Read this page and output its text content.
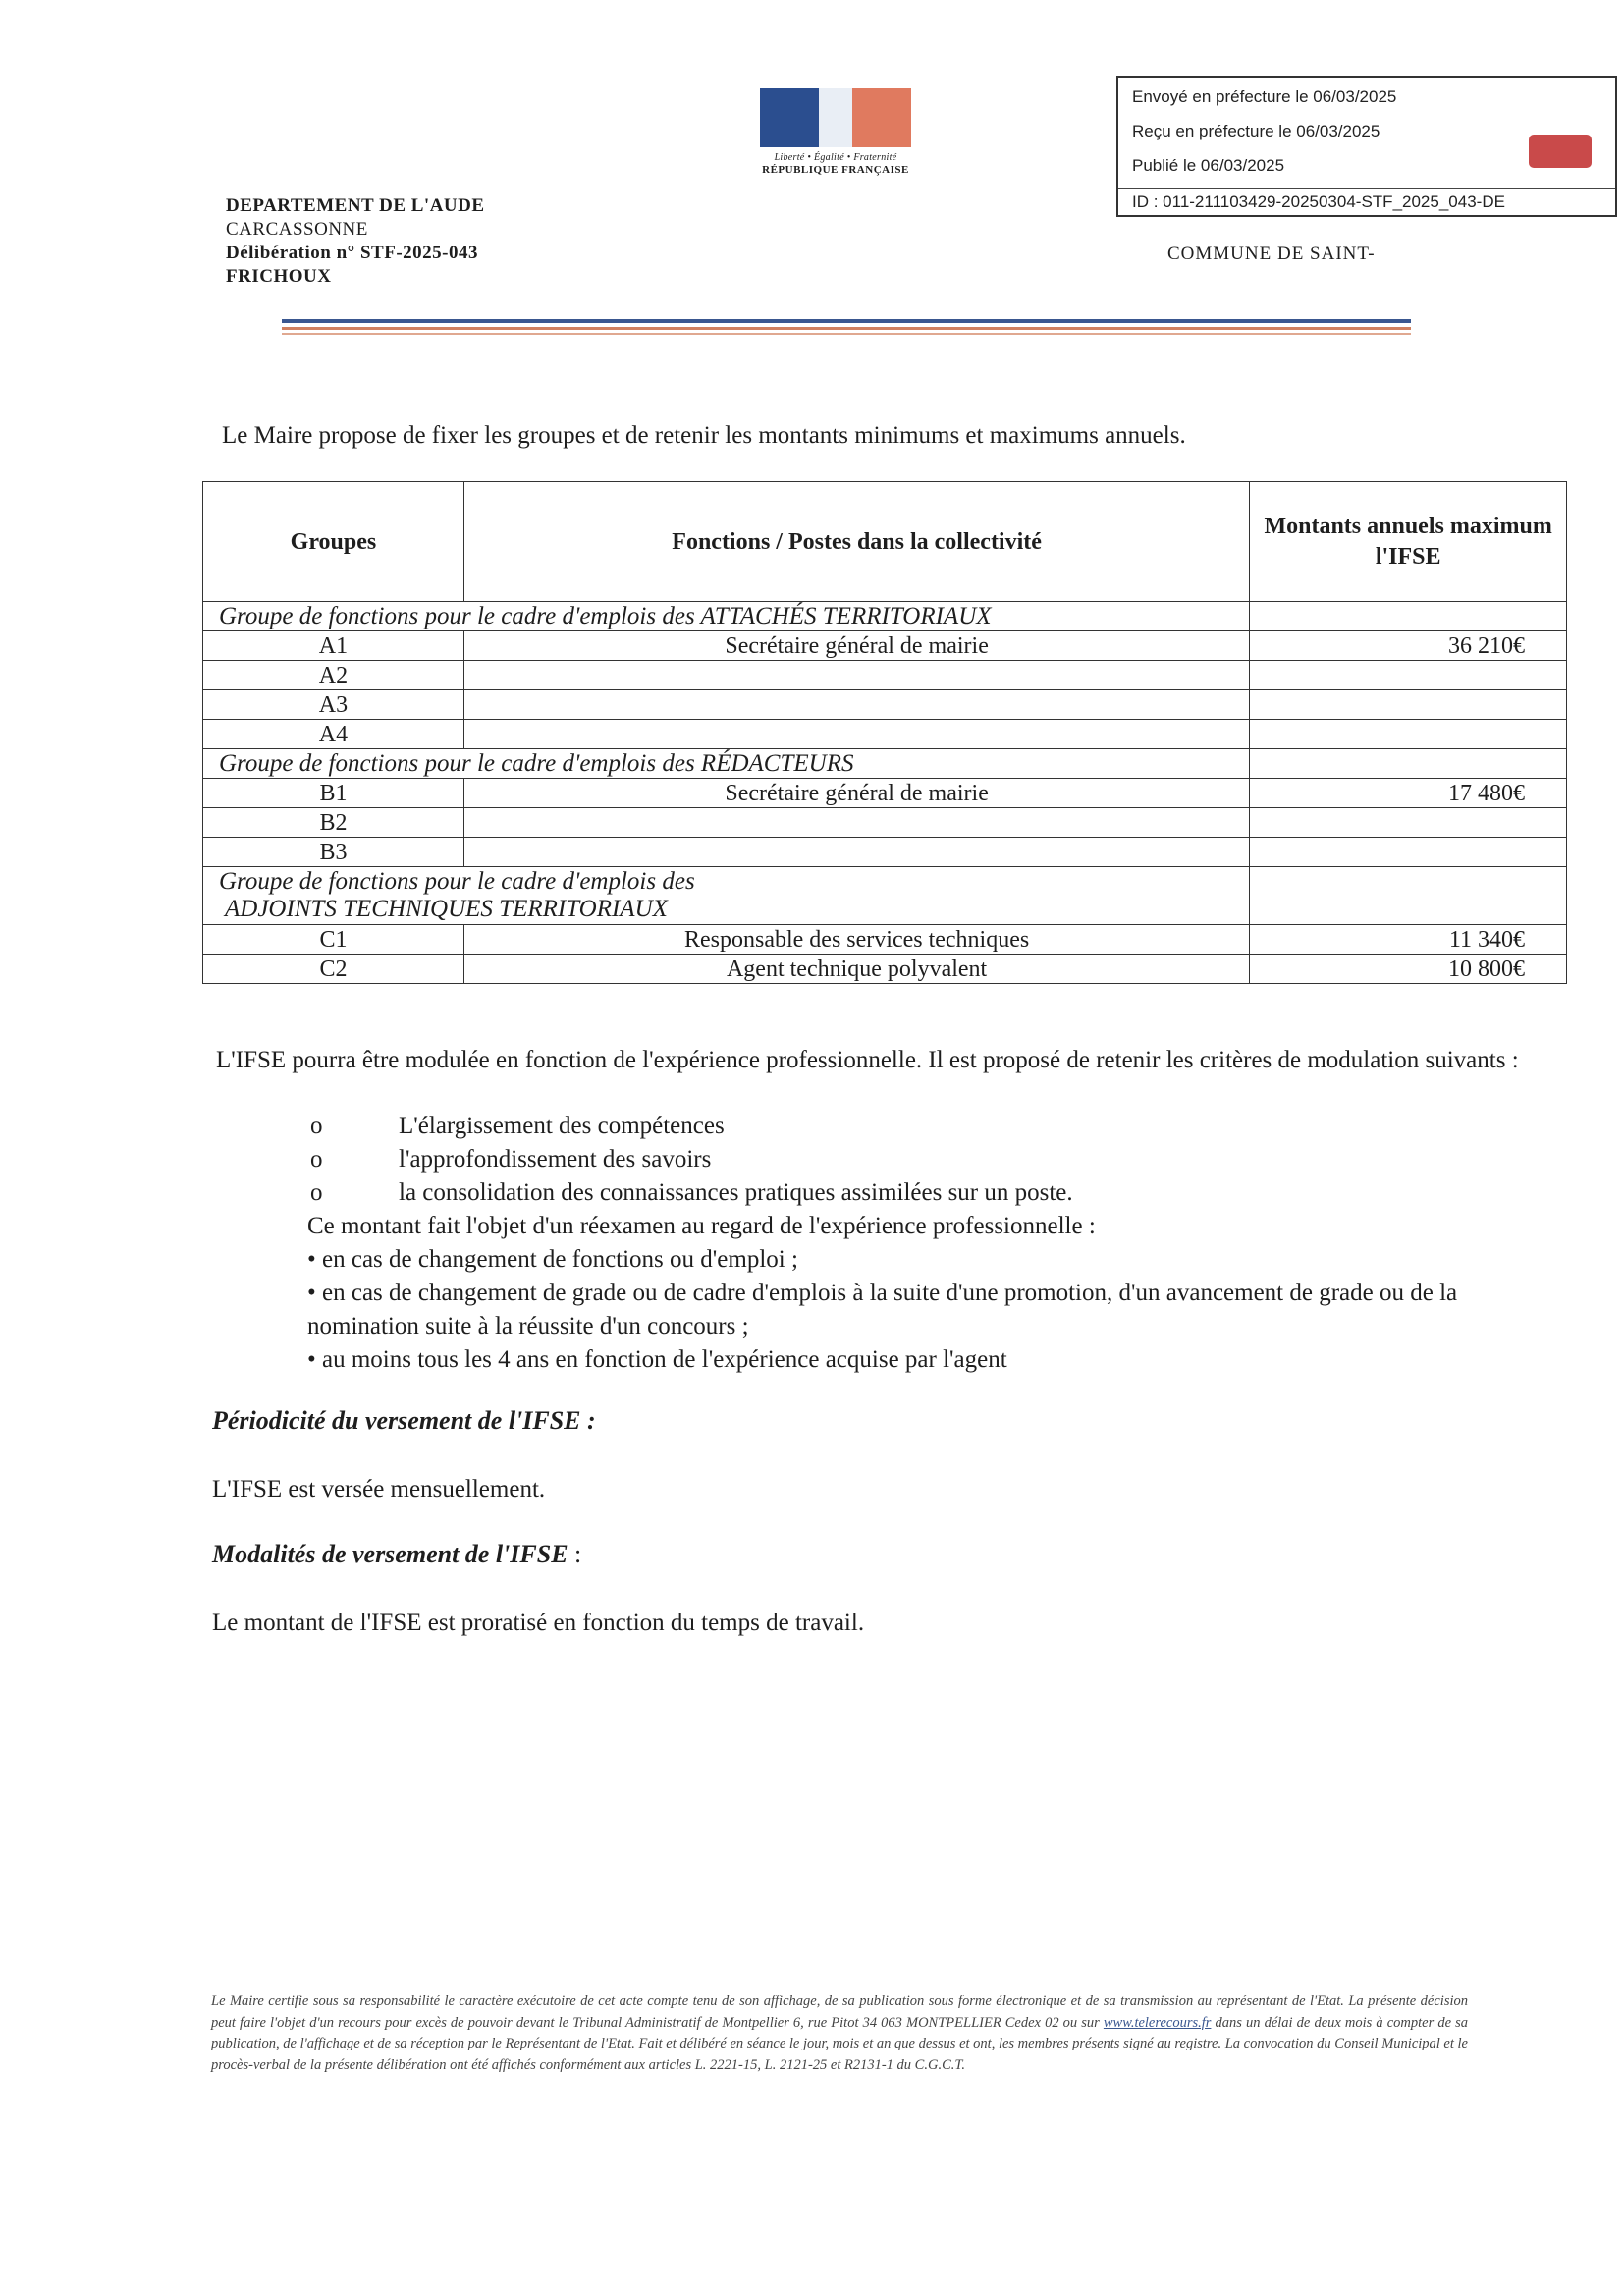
Liberté • Égalité • Fraternité
RÉPUBLIQUE FRANÇAISE
Envoyé en préfecture le 06/03/2025
Reçu en préfecture le 06/03/2025
Publié le 06/03/2025
ID : 011-211103429-20250304-STF_2025_043-DE
DEPARTEMENT DE L'AUDE
CARCASSONNE
Délibération n° STF-2025-043
FRICHOUX
COMMUNE DE SAINT-
Le Maire propose de fixer les groupes et de retenir les montants minimums et maximums annuels.
Groupes	Fonctions / Postes dans la collectivité	Montants annuels maximum l'IFSE
Groupe de fonctions pour le cadre d'emplois des ATTACHÉS TERRITORIAUX		
A1	Secrétaire général de mairie	36 210€
A2		
A3		
A4		
Groupe de fonctions pour le cadre d'emplois des RÉDACTEURS		
B1	Secrétaire général de mairie	17 480€
B2		
B3		

Groupe de fonctions pour le cadre d'emplois des
ADJOINTS TECHNIQUES TERRITORIAUX		

C1	Responsable des services techniques	11 340€
C2	Agent technique polyvalent	10 800€
L'IFSE pourra être modulée en fonction de l'expérience professionnelle. Il est proposé de retenir les critères de modulation suivants :
o	L'élargissement des compétences
o	l'approfondissement des savoirs
o	la consolidation des connaissances pratiques assimilées sur un poste.
Ce montant fait l'objet d'un réexamen au regard de l'expérience professionnelle :
• en cas de changement de fonctions ou d'emploi ;
• en cas de changement de grade ou de cadre d'emplois à la suite d'une promotion, d'un avancement de grade ou de la nomination suite à la réussite d'un concours ;
• au moins tous les 4 ans en fonction de l'expérience acquise par l'agent
Périodicité du versement de l'IFSE :
L'IFSE est versée mensuellement.
Modalités de versement de l'IFSE :
Le montant de l'IFSE est proratisé en fonction du temps de travail.
Le Maire certifie sous sa responsabilité le caractère exécutoire de cet acte compte tenu de son affichage, de sa publication sous forme électronique et de sa transmission au représentant de l'Etat. La présente décision peut faire l'objet d'un recours pour excès de pouvoir devant le Tribunal Administratif de Montpellier 6, rue Pitot 34 063 MONTPELLIER Cedex 02 ou sur www.telerecours.fr dans un délai de deux mois à compter de sa publication, de l'affichage et de sa réception par le Représentant de l'Etat. Fait et délibéré en séance le jour, mois et an que dessus et ont, les membres présents signé au registre. La convocation du Conseil Municipal et le procès-verbal de la présente délibération ont été affichés conformément aux articles L. 2221-15, L. 2121-25 et R2131-1 du C.G.C.T.
